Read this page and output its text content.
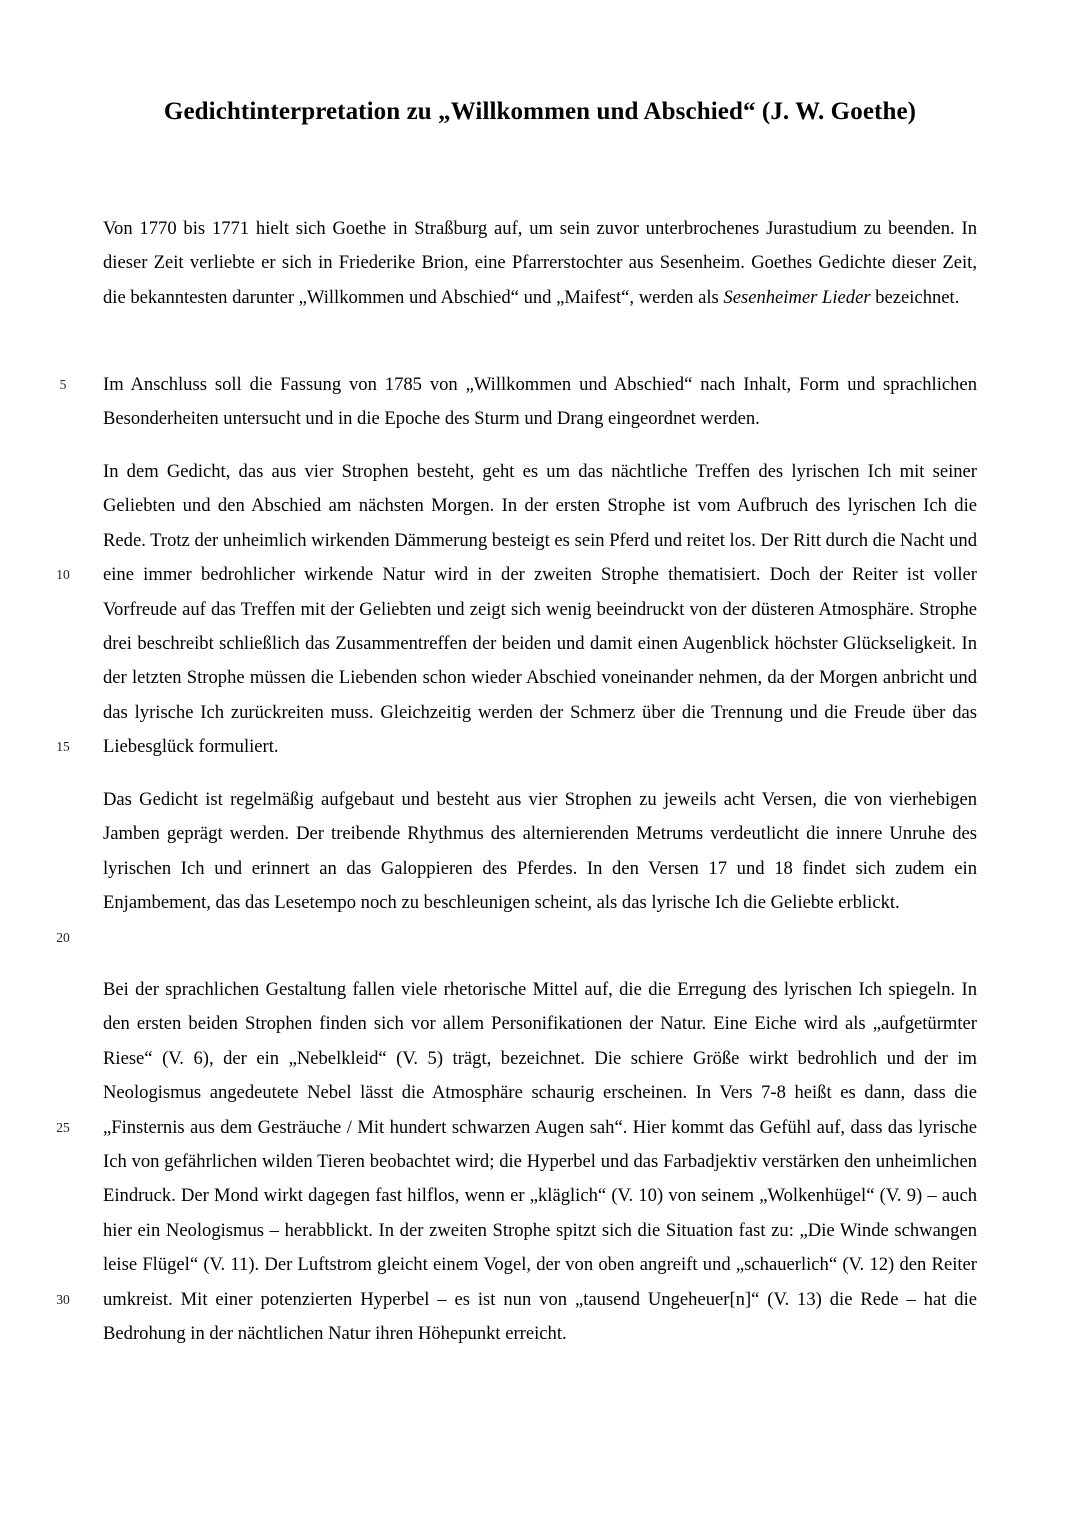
Gedichtinterpretation zu „Willkommen und Abschied“ (J. W. Goethe)

Von 1770 bis 1771 hielt sich Goethe in Straßburg auf, um sein zuvor unterbrochenes Jurastudium zu beenden. In dieser Zeit verliebte er sich in Friederike Brion, eine Pfarrerstochter aus Sesenheim. Goethes Gedichte dieser Zeit, die bekanntesten darunter „Willkommen und Abschied“ und „Maifest“, werden als Sesenheimer Lieder bezeichnet.

Im Anschluss soll die Fassung von 1785 von „Willkommen und Abschied“ nach Inhalt, Form und sprachlichen Besonderheiten untersucht und in die Epoche des Sturm und Drang eingeordnet werden.

In dem Gedicht, das aus vier Strophen besteht, geht es um das nächtliche Treffen des lyrischen Ich mit seiner Geliebten und den Abschied am nächsten Morgen. In der ersten Strophe ist vom Aufbruch des lyrischen Ich die Rede. Trotz der unheimlich wirkenden Dämmerung besteigt es sein Pferd und reitet los. Der Ritt durch die Nacht und eine immer bedrohlicher wirkende Natur wird in der zweiten Strophe thematisiert. Doch der Reiter ist voller Vorfreude auf das Treffen mit der Geliebten und zeigt sich wenig beeindruckt von der düsteren Atmosphäre. Strophe drei beschreibt schließlich das Zusammentreffen der beiden und damit einen Augenblick höchster Glückseligkeit. In der letzten Strophe müssen die Liebenden schon wieder Abschied voneinander nehmen, da der Morgen anbricht und das lyrische Ich zurückreiten muss. Gleichzeitig werden der Schmerz über die Trennung und die Freude über das Liebesglück formuliert.

Das Gedicht ist regelmäßig aufgebaut und besteht aus vier Strophen zu jeweils acht Versen, die von vierhebigen Jamben geprägt werden. Der treibende Rhythmus des alternierenden Metrums verdeutlicht die innere Unruhe des lyrischen Ich und erinnert an das Galoppieren des Pferdes. In den Versen 17 und 18 findet sich zudem ein Enjambement, das das Lesetempo noch zu beschleunigen scheint, als das lyrische Ich die Geliebte erblickt.

Bei der sprachlichen Gestaltung fallen viele rhetorische Mittel auf, die die Erregung des lyrischen Ich spiegeln. In den ersten beiden Strophen finden sich vor allem Personifikationen der Natur. Eine Eiche wird als „aufgetürmter Riese“ (V. 6), der ein „Nebelkleid“ (V. 5) trägt, bezeichnet. Die schiere Größe wirkt bedrohlich und der im Neologismus angedeutete Nebel lässt die Atmosphäre schaurig erscheinen. In Vers 7-8 heißt es dann, dass die „Finsternis aus dem Gesträuche / Mit hundert schwarzen Augen sah“. Hier kommt das Gefühl auf, dass das lyrische Ich von gefährlichen wilden Tieren beobachtet wird; die Hyperbel und das Farbadjektiv verstärken den unheimlichen Eindruck. Der Mond wirkt dagegen fast hilflos, wenn er „kläglich“ (V. 10) von seinem „Wolkenhügel“ (V. 9) – auch hier ein Neologismus – herabblickt. In der zweiten Strophe spitzt sich die Situation fast zu: „Die Winde schwangen leise Flügel“ (V. 11). Der Luftstrom gleicht einem Vogel, der von oben angreift und „schauerlich“ (V. 12) den Reiter umkreist. Mit einer potenzierten Hyperbel – es ist nun von „tausend Ungeheuer[n]“ (V. 13) die Rede – hat die Bedrohung in der nächtlichen Natur ihren Höhepunkt erreicht.

5
10
15
20
25
30
